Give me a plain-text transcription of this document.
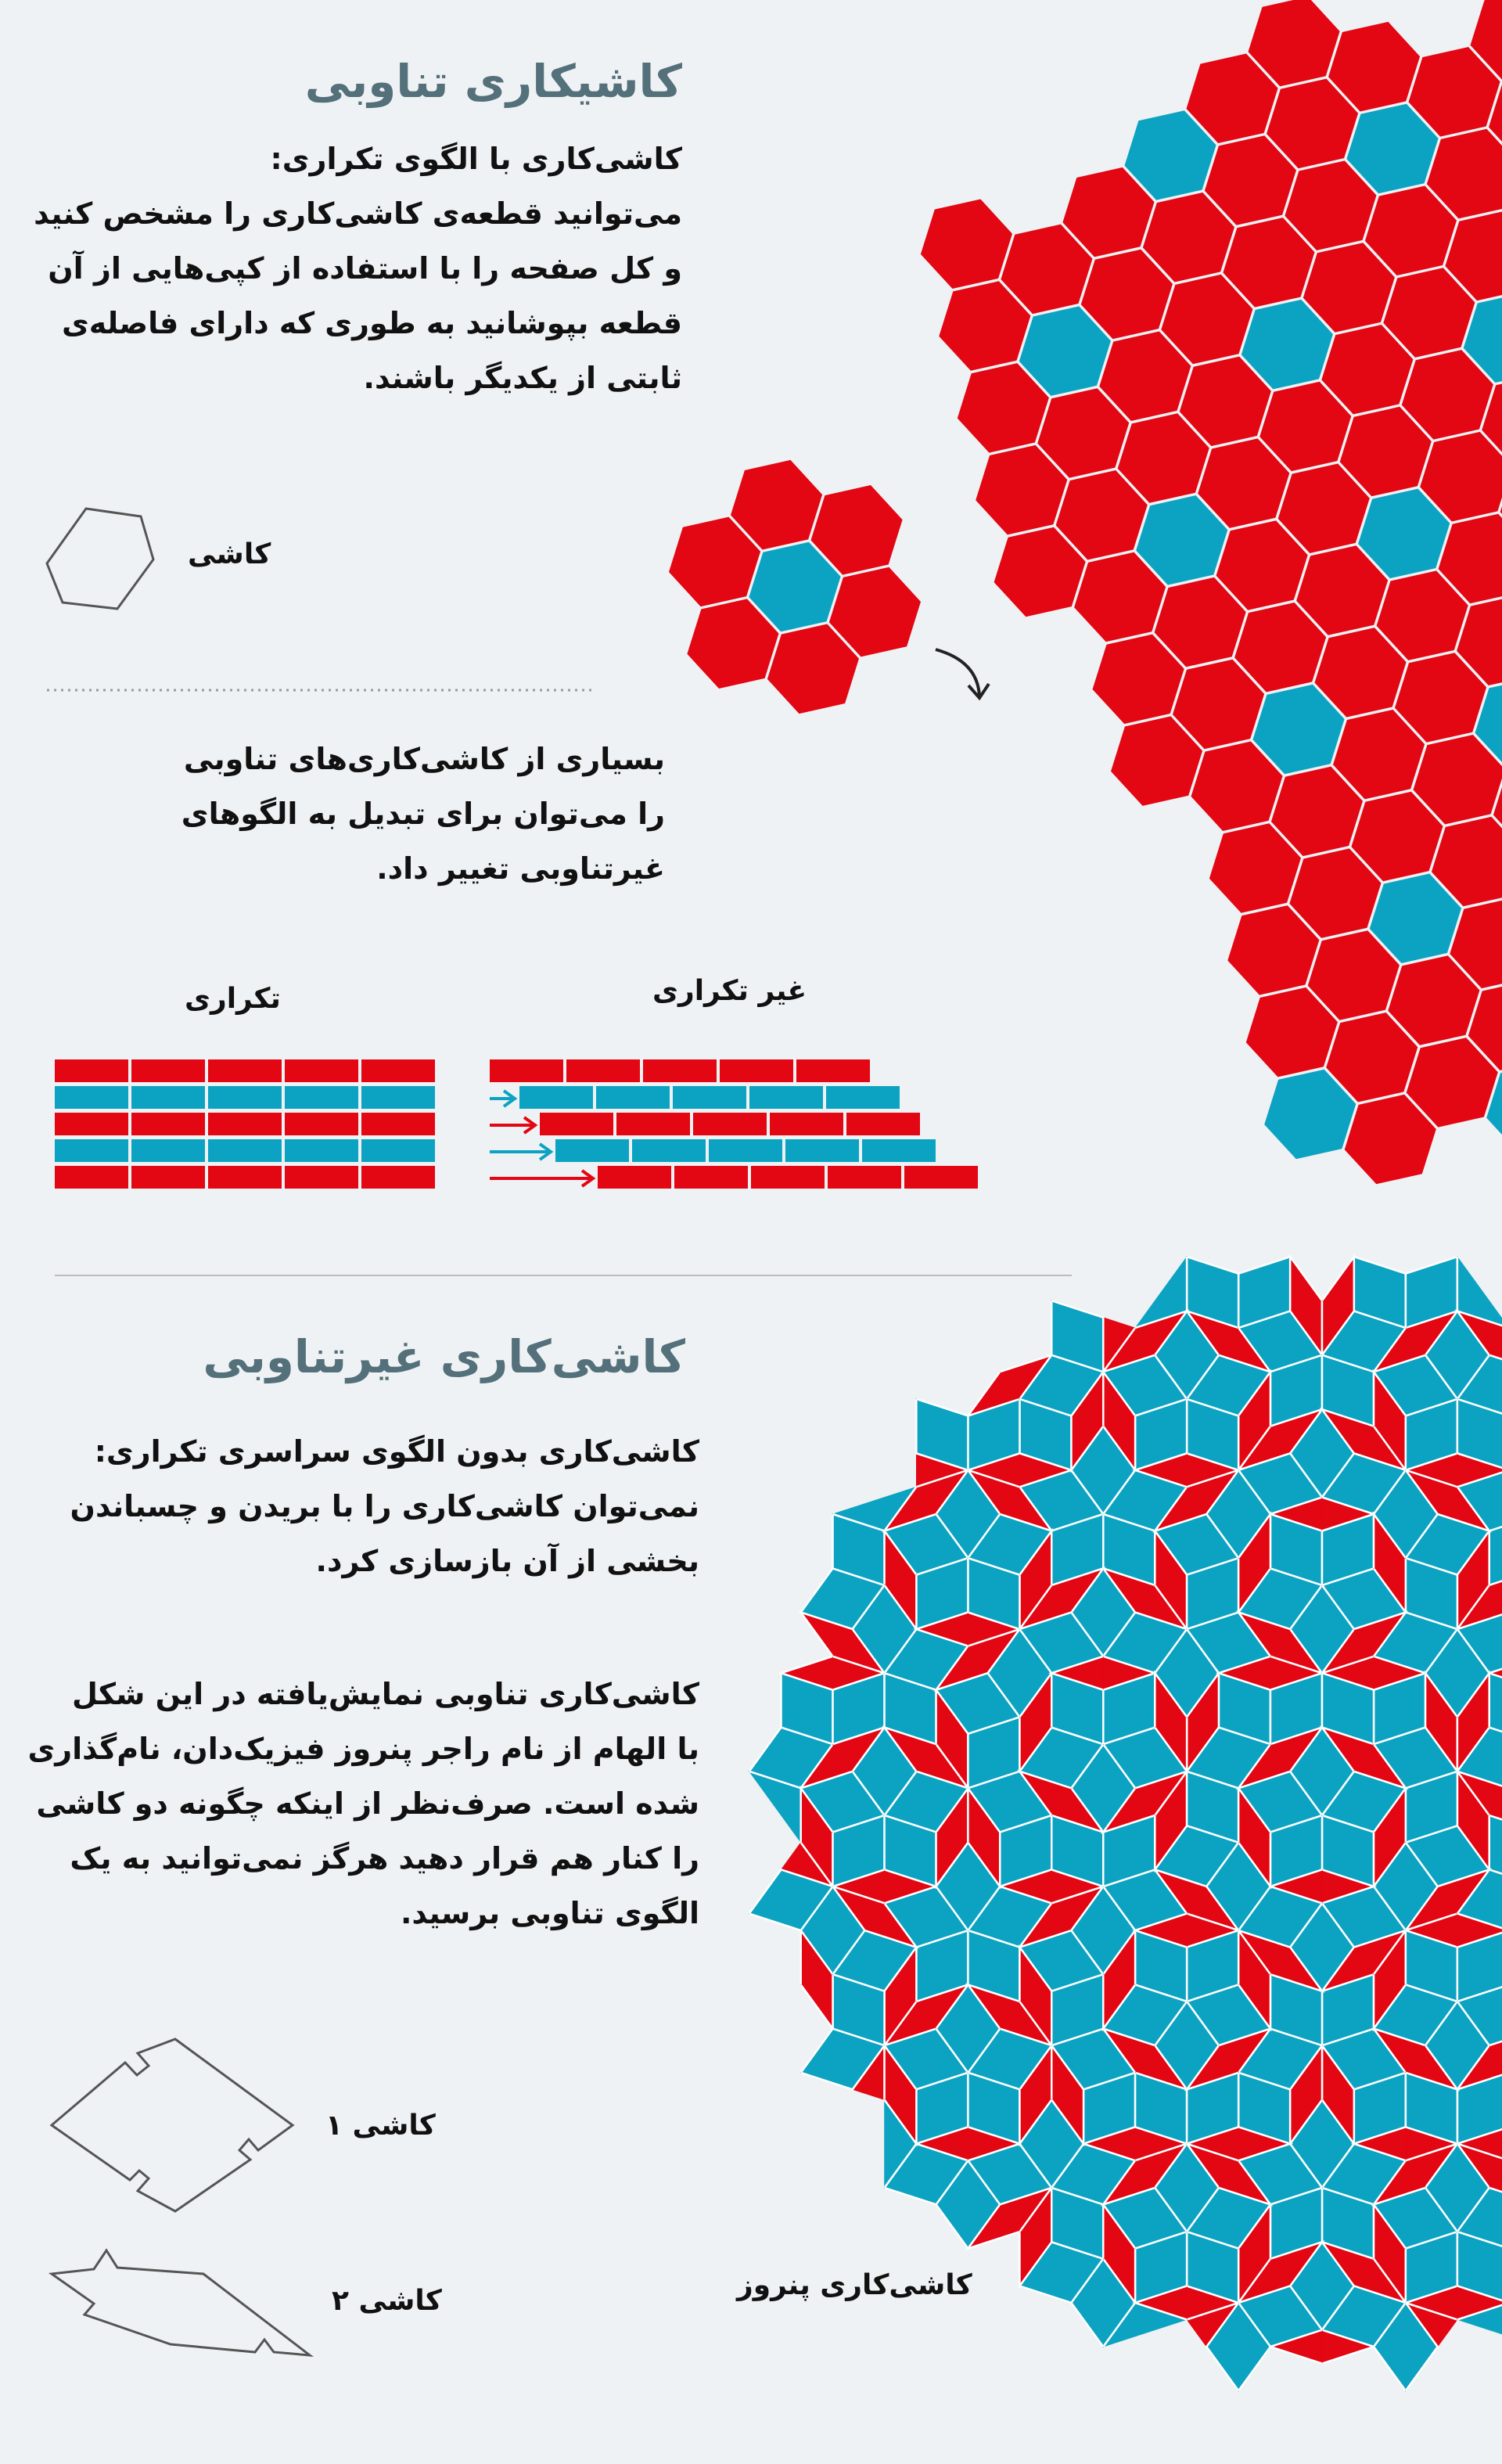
کاشیکاری تناوبی
کاشی‌کاری با الگوی تکراری:
می‌توانید قطعه‌ی کاشی‌کاری را مشخص کنید
و کل صفحه را با استفاده از کپی‌هایی از آن
قطعه بپوشانید به طوری که دارای فاصله‌ی
ثابتی از یکدیگر باشند.
کاشی
بسیاری از کاشی‌کاری‌های تناوبی
را می‌توان برای تبدیل به الگوهای
غیرتناوبی تغییر داد.
تکراری	غیر تکراری
کاشی‌کاری غیرتناوبی
کاشی‌کاری بدون الگوی سراسری تکراری:
نمی‌توان کاشی‌کاری را با بریدن و چسباندن
بخشی از آن بازسازی کرد.
کاشی‌کاری تناوبی نمایش‌یافته در این شکل
با الهام از نام راجر پنروز فیزیک‌دان، نام‌گذاری
شده است. صرف‌نظر از اینکه چگونه دو کاشی
را کنار هم قرار دهید هرگز نمی‌توانید به یک
الگوی تناوبی برسید.
کاشی ۱
کاشی ۲	کاشی‌کاری پنروز
